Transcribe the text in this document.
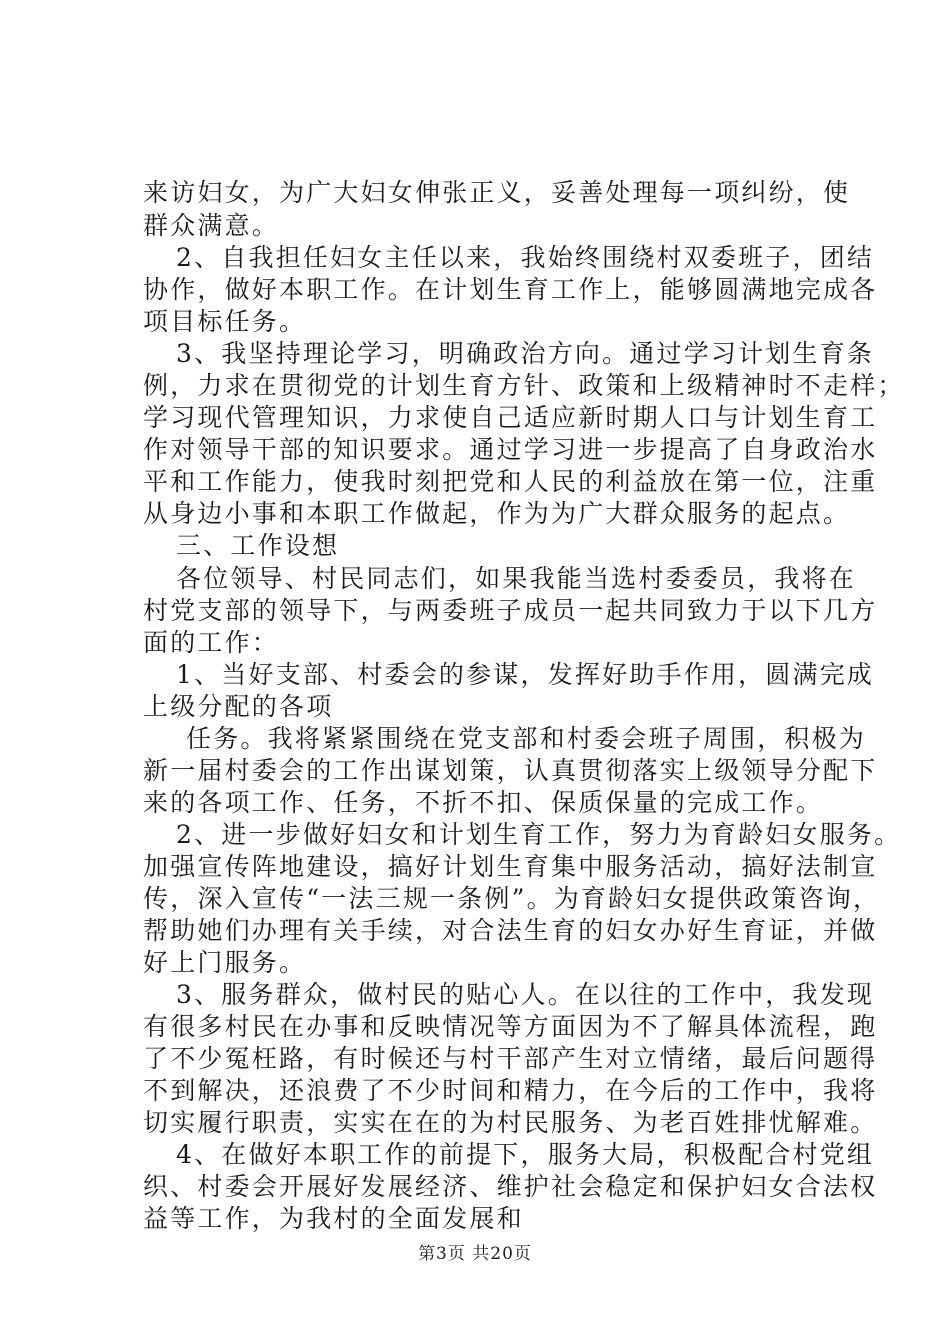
来访妇女，为广大妇女伸张正义，妥善处理每一项纠纷，使
群众满意。
2、自我担任妇女主任以来，我始终围绕村双委班子，团结
协作，做好本职工作。在计划生育工作上，能够圆满地完成各
项目标任务。
3、我坚持理论学习，明确政治方向。通过学习计划生育条
例，力求在贯彻党的计划生育方针、政策和上级精神时不走样；
学习现代管理知识，力求使自己适应新时期人口与计划生育工
作对领导干部的知识要求。通过学习进一步提高了自身政治水
平和工作能力，使我时刻把党和人民的利益放在第一位，注重
从身边小事和本职工作做起，作为为广大群众服务的起点。
三、工作设想
各位领导、村民同志们，如果我能当选村委委员，我将在
村党支部的领导下，与两委班子成员一起共同致力于以下几方
面的工作：
1、当好支部、村委会的参谋，发挥好助手作用，圆满完成
上级分配的各项
任务。我将紧紧围绕在党支部和村委会班子周围，积极为
新一届村委会的工作出谋划策，认真贯彻落实上级领导分配下
来的各项工作、任务，不折不扣、保质保量的完成工作。
2、进一步做好妇女和计划生育工作，努力为育龄妇女服务。
加强宣传阵地建设，搞好计划生育集中服务活动，搞好法制宣
传，深入宣传“一法三规一条例”。为育龄妇女提供政策咨询，
帮助她们办理有关手续，对合法生育的妇女办好生育证，并做
好上门服务。
3、服务群众，做村民的贴心人。在以往的工作中，我发现
有很多村民在办事和反映情况等方面因为不了解具体流程，跑
了不少冤枉路，有时候还与村干部产生对立情绪，最后问题得
不到解决，还浪费了不少时间和精力，在今后的工作中，我将
切实履行职责，实实在在的为村民服务、为老百姓排忧解难。
4、在做好本职工作的前提下，服务大局，积极配合村党组
织、村委会开展好发展经济、维护社会稳定和保护妇女合法权
益等工作，为我村的全面发展和
第3页 共20页
